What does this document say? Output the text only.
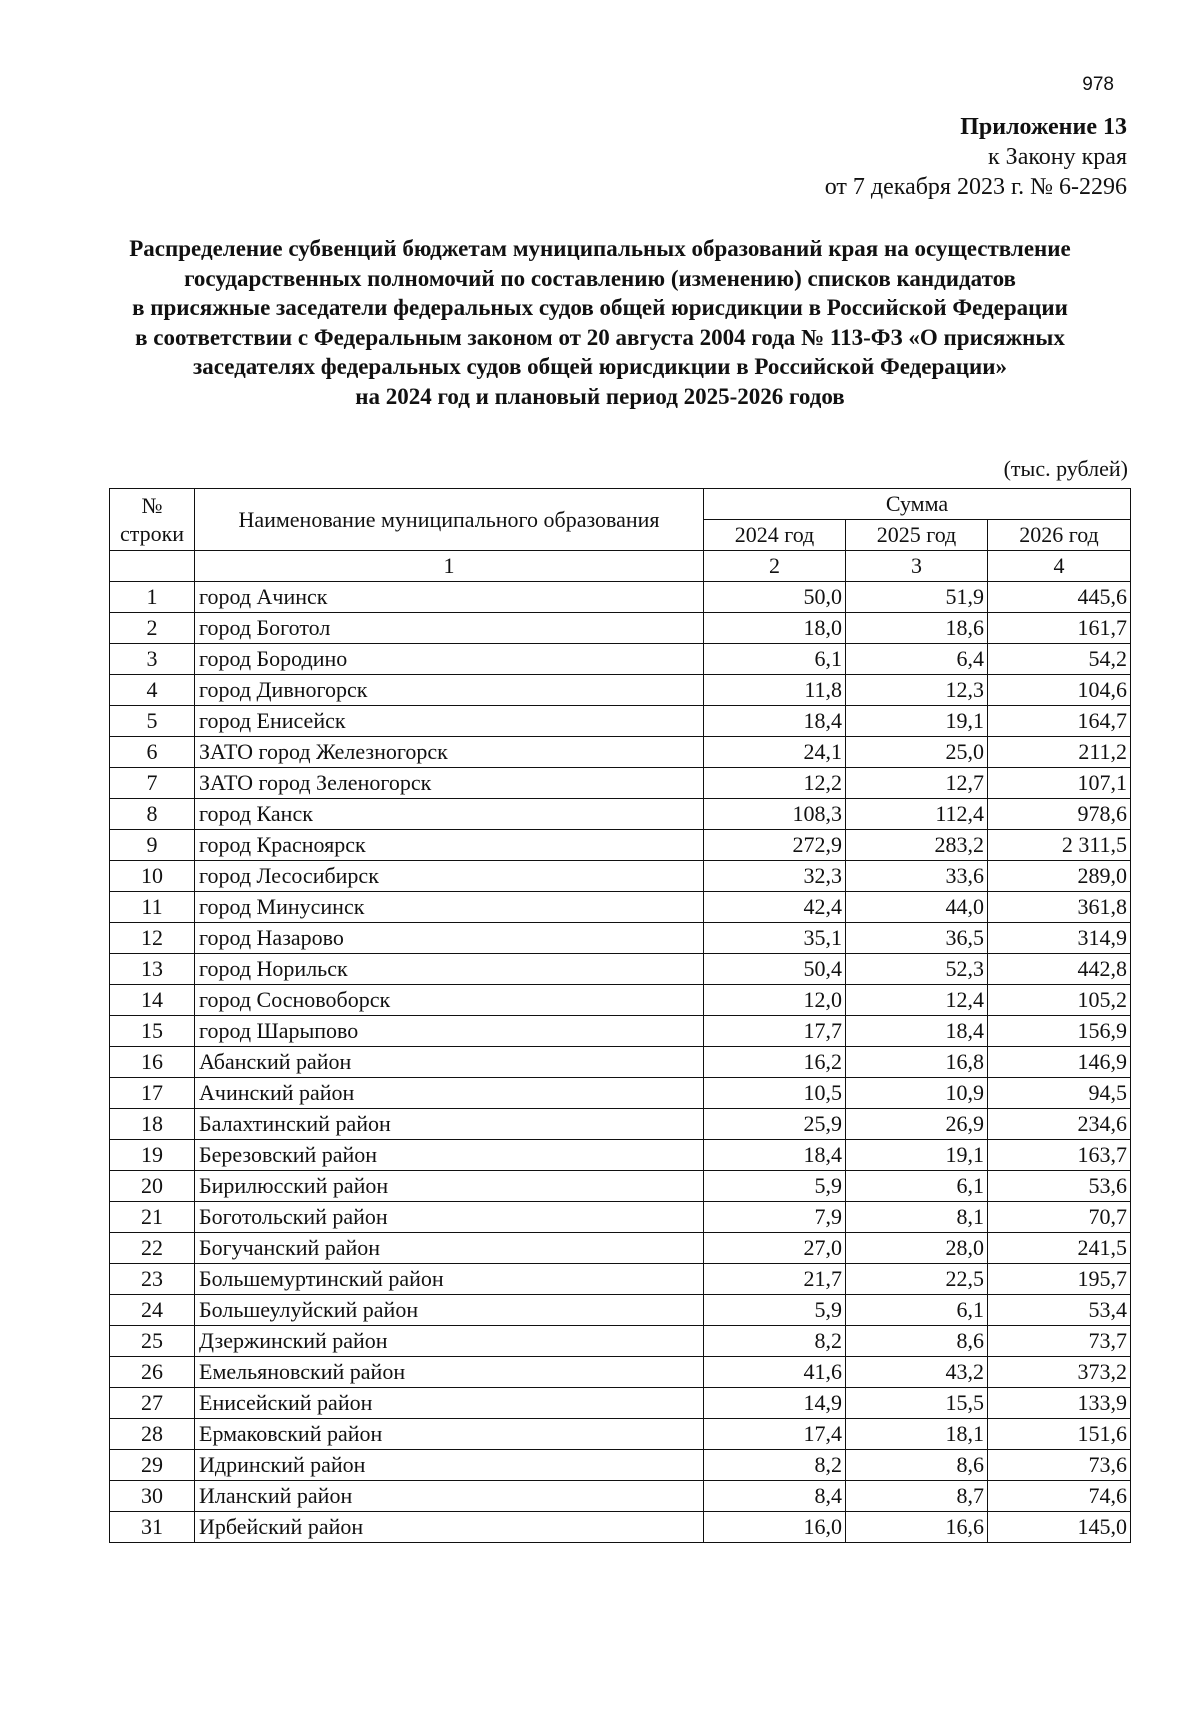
978
Приложение 13
к Закону края
от 7 декабря 2023 г. № 6-2296
Распределение субвенций бюджетам муниципальных образований края на осуществление
государственных полномочий по составлению (изменению) списков кандидатов
в присяжные заседатели федеральных судов общей юрисдикции в Российской Федерации
в соответствии с Федеральным законом от 20 августа 2004 года № 113-ФЗ «О присяжных
заседателях федеральных судов общей юрисдикции в Российской Федерации»
на 2024 год и плановый период 2025-2026 годов
(тыс. рублей)
№
строки	Наименование муниципального образования	Сумма		
		2024 год	2025 год	2026 год
	1	2	3	4
1	город Ачинск	50,0	51,9	445,6
2	город Боготол	18,0	18,6	161,7
3	город Бородино	6,1	6,4	54,2
4	город Дивногорск	11,8	12,3	104,6
5	город Енисейск	18,4	19,1	164,7
6	ЗАТО город Железногорск	24,1	25,0	211,2
7	ЗАТО город Зеленогорск	12,2	12,7	107,1
8	город Канск	108,3	112,4	978,6
9	город Красноярск	272,9	283,2	2 311,5
10	город Лесосибирск	32,3	33,6	289,0
11	город Минусинск	42,4	44,0	361,8
12	город Назарово	35,1	36,5	314,9
13	город Норильск	50,4	52,3	442,8
14	город Сосновоборск	12,0	12,4	105,2
15	город Шарыпово	17,7	18,4	156,9
16	Абанский район	16,2	16,8	146,9
17	Ачинский район	10,5	10,9	94,5
18	Балахтинский район	25,9	26,9	234,6
19	Березовский район	18,4	19,1	163,7
20	Бирилюсский район	5,9	6,1	53,6
21	Боготольский район	7,9	8,1	70,7
22	Богучанский район	27,0	28,0	241,5
23	Большемуртинский район	21,7	22,5	195,7
24	Большеулуйский район	5,9	6,1	53,4
25	Дзержинский район	8,2	8,6	73,7
26	Емельяновский район	41,6	43,2	373,2
27	Енисейский район	14,9	15,5	133,9
28	Ермаковский район	17,4	18,1	151,6
29	Идринский район	8,2	8,6	73,6
30	Иланский район	8,4	8,7	74,6
31	Ирбейский район	16,0	16,6	145,0
